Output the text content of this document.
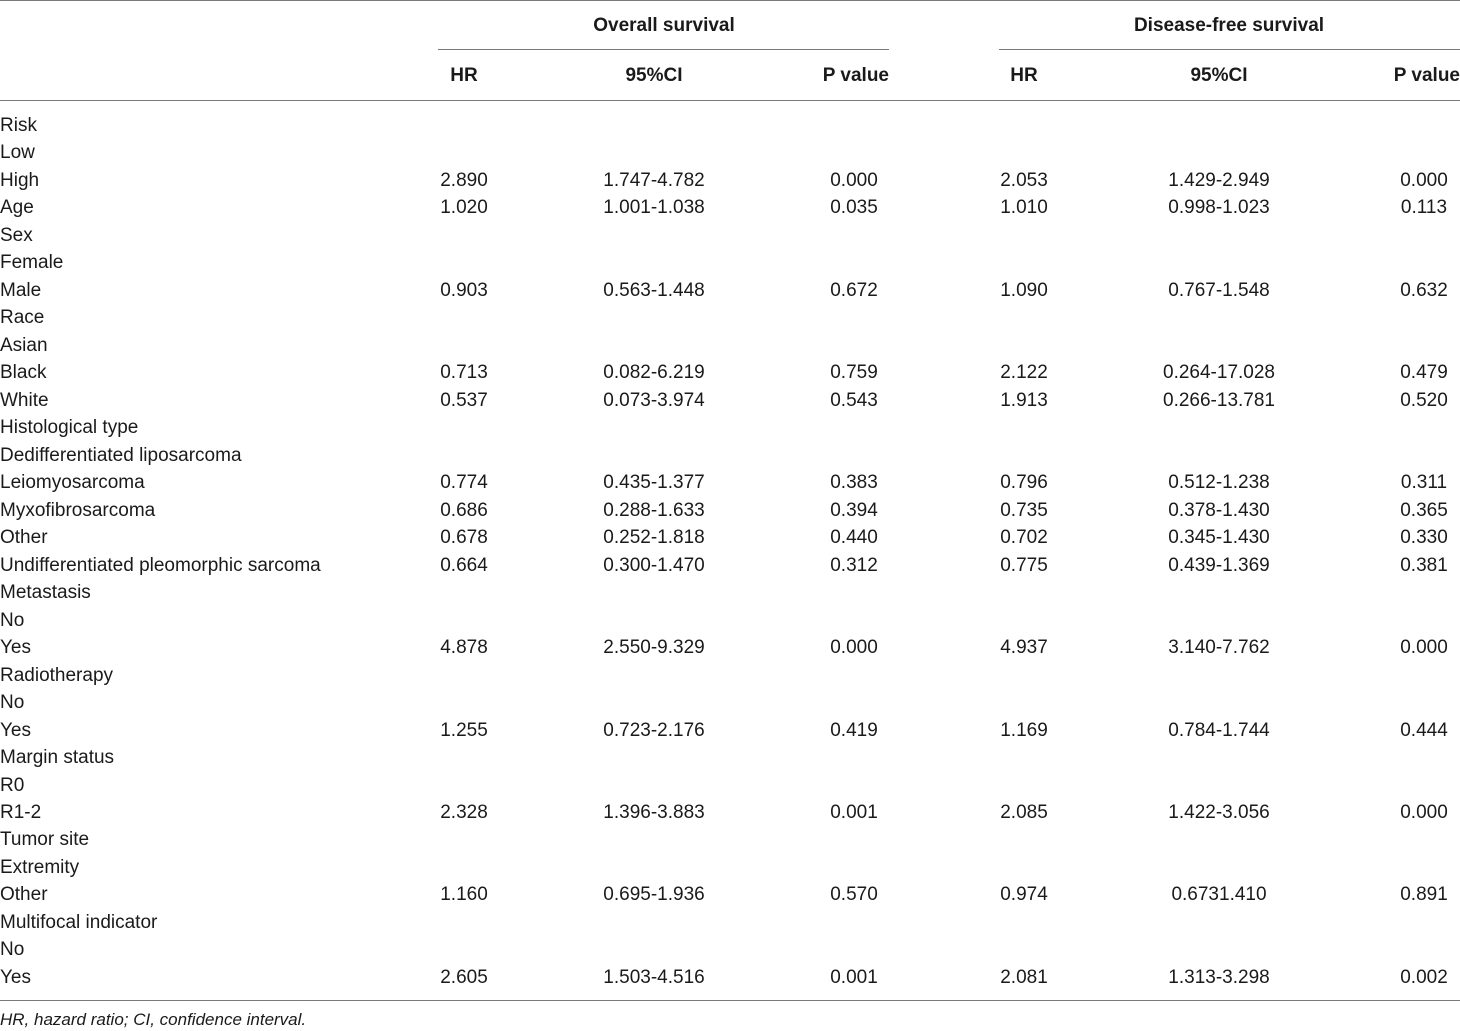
Overall survival	Disease-free survival
HR	95%CI	P value	HR	95%CI	P value
Risk
Low
High	2.890	1.747-4.782	0.000	2.053	1.429-2.949	0.000
Age	1.020	1.001-1.038	0.035	1.010	0.998-1.023	0.113
Sex
Female
Male	0.903	0.563-1.448	0.672	1.090	0.767-1.548	0.632
Race
Asian
Black	0.713	0.082-6.219	0.759	2.122	0.264-17.028	0.479
White	0.537	0.073-3.974	0.543	1.913	0.266-13.781	0.520
Histological type
Dedifferentiated liposarcoma
Leiomyosarcoma	0.774	0.435-1.377	0.383	0.796	0.512-1.238	0.311
Myxofibrosarcoma	0.686	0.288-1.633	0.394	0.735	0.378-1.430	0.365
Other	0.678	0.252-1.818	0.440	0.702	0.345-1.430	0.330
Undifferentiated pleomorphic sarcoma	0.664	0.300-1.470	0.312	0.775	0.439-1.369	0.381
Metastasis
No
Yes	4.878	2.550-9.329	0.000	4.937	3.140-7.762	0.000
Radiotherapy
No
Yes	1.255	0.723-2.176	0.419	1.169	0.784-1.744	0.444
Margin status
R0
R1-2	2.328	1.396-3.883	0.001	2.085	1.422-3.056	0.000
Tumor site
Extremity
Other	1.160	0.695-1.936	0.570	0.974	0.6731.410	0.891
Multifocal indicator
No
Yes	2.605	1.503-4.516	0.001	2.081	1.313-3.298	0.002
HR, hazard ratio; CI, confidence interval.
